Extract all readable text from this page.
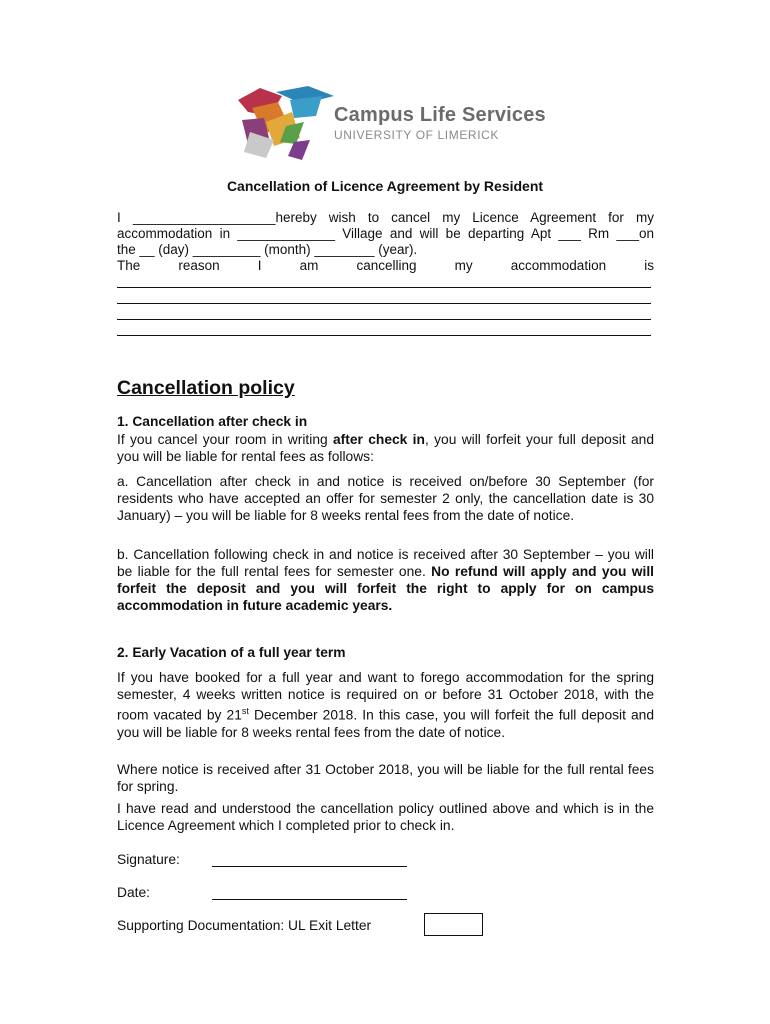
Campus Life Services
UNIVERSITY OF LIMERICK
Cancellation of Licence Agreement by Resident
I ___________________hereby wish to cancel my Licence Agreement for my
accommodation in _____________ Village and will be departing Apt ___ Rm ___on
the __ (day) _________ (month) ________ (year).
The	reason	I	am	cancelling	my	accommodation	is
Cancellation policy
1. Cancellation after check in
If you cancel your room in writing after check in, you will forfeit your full deposit and you will be liable for rental fees as follows:
a. Cancellation after check in and notice is received on/before 30 September (for residents who have accepted an offer for semester 2 only, the cancellation date is 30 January) – you will be liable for 8 weeks rental fees from the date of notice.
b. Cancellation following check in and notice is received after 30 September – you will be liable for the full rental fees for semester one. No refund will apply and you will forfeit the deposit and you will forfeit the right to apply for on campus accommodation in future academic years.
2. Early Vacation of a full year term
If you have booked for a full year and want to forego accommodation for the spring semester, 4 weeks written notice is required on or before 31 October 2018, with the room vacated by 21st December 2018. In this case, you will forfeit the full deposit and you will be liable for 8 weeks rental fees from the date of notice.
Where notice is received after 31 October 2018, you will be liable for the full rental fees for spring.
I have read and understood the cancellation policy outlined above and which is in the Licence Agreement which I completed prior to check in.
Signature:
Date:
Supporting Documentation: UL Exit Letter
